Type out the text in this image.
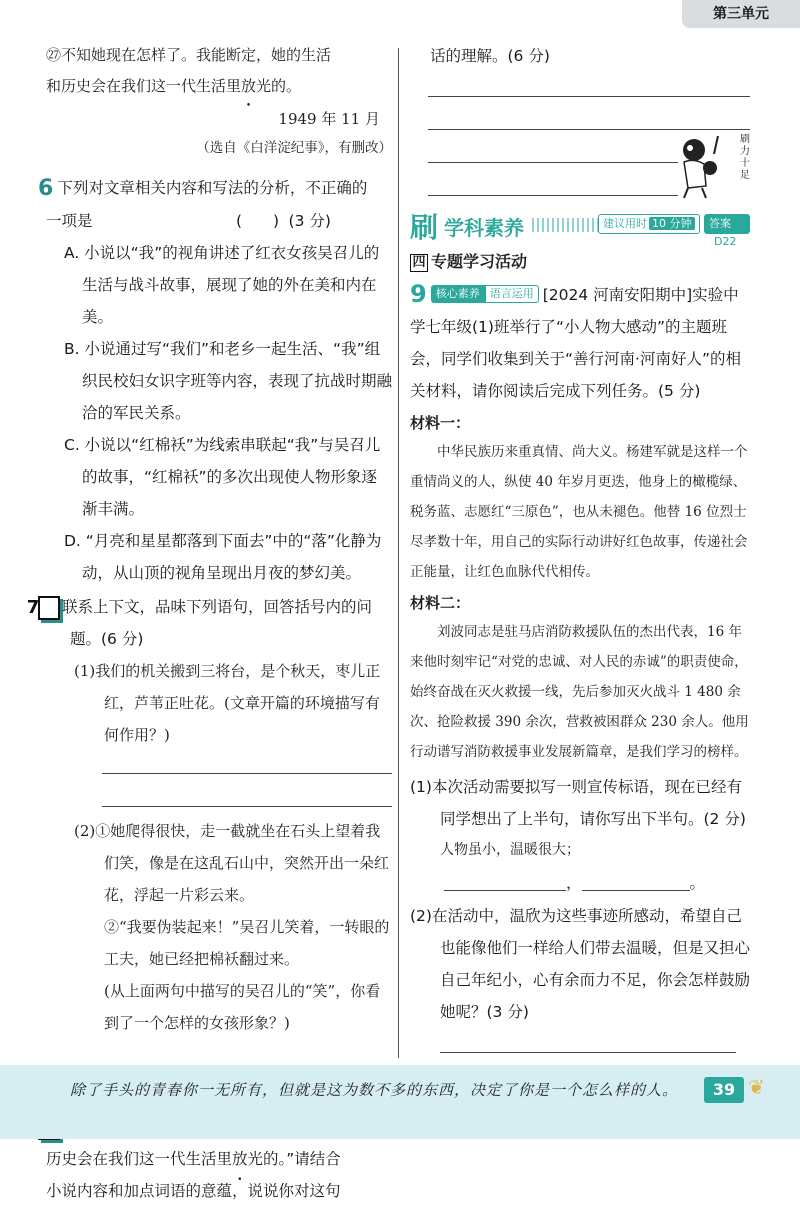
第三单元
㉗不知她现在怎样了。我能断定，她的生活
和历史会在我们这一代生活里放光的。
1949 年 11 月
（选自《白洋淀纪事》，有删改）
6 下列对文章相关内容和写法的分析，不正确的
一项是	(　　) (3 分)
A. 小说以“我”的视角讲述了红衣女孩吴召儿的生活与战斗故事，展现了她的外在美和内在美。
B. 小说通过写“我们”和老乡一起生活、“我”组织民校妇女识字班等内容，表现了抗战时期融洽的军民关系。
C. 小说以“红棉袄”为线索串联起“我”与吴召儿的故事，“红棉袄”的多次出现使人物形象逐渐丰满。
D. “月亮和星星都落到下面去”中的“落”化静为动，从山顶的视角呈现出月夜的梦幻美。
7 联系上下文，品味下列语句，回答括号内的问题。(6 分)
(1)我们的机关搬到三将台，是个秋天，枣儿正红，芦苇正吐花。(文章开篇的环境描写有何作用？)
(2)①她爬得很快，走一截就坐在石头上望着我们笑，像是在这乱石山中，突然开出一朵红花，浮起一片彩云来。
②“我要伪装起来！”吴召儿笑着，一转眼的工夫，她已经把棉袄翻过来。
(从上面两句中描写的吴召儿的“笑”，你看到了一个怎样的女孩形象？)
历史会在我们这一代生活里放光的。”请结合
小说内容和加点词语的意蕴，说说你对这句
话的理解。(6 分)
刷 学科素养	建议用时 10 分钟	答案D22
四 专题学习活动
9 核心素养 语言运用 [2024 河南安阳期中]实验中学七年级(1)班举行了“小人物大感动”的主题班会，同学们收集到关于“善行河南·河南好人”的相关材料，请你阅读后完成下列任务。(5 分)
材料一：
中华民族历来重真情、尚大义。杨建军就是这样一个重情尚义的人，纵使 40 年岁月更迭，他身上的橄榄绿、税务蓝、志愿红“三原色”，也从未褪色。他替 16 位烈士尽孝数十年，用自己的实际行动讲好红色故事，传递社会正能量，让红色血脉代代相传。
材料二：
刘波同志是驻马店消防救援队伍的杰出代表，16 年来他时刻牢记“对党的忠诚、对人民的赤诚”的职责使命，始终奋战在灭火救援一线，先后参加灭火战斗 1 480 余次、抢险救援 390 余次，营救被困群众 230 余人。他用行动谱写消防救援事业发展新篇章，是我们学习的榜样。
(1)本次活动需要拟写一则宣传标语，现在已经有同学想出了上半句，请你写出下半句。(2 分)
人物虽小，温暖很大；
，	。
(2)在活动中，温欣为这些事迹所感动，希望自己也能像他们一样给人们带去温暖，但是又担心自己年纪小，心有余而力不足，你会怎样鼓励她呢？(3 分)
刷力十足
除了手头的青春你一无所有，但就是这为数不多的东西，决定了你是一个怎么样的人。	39 ❦
